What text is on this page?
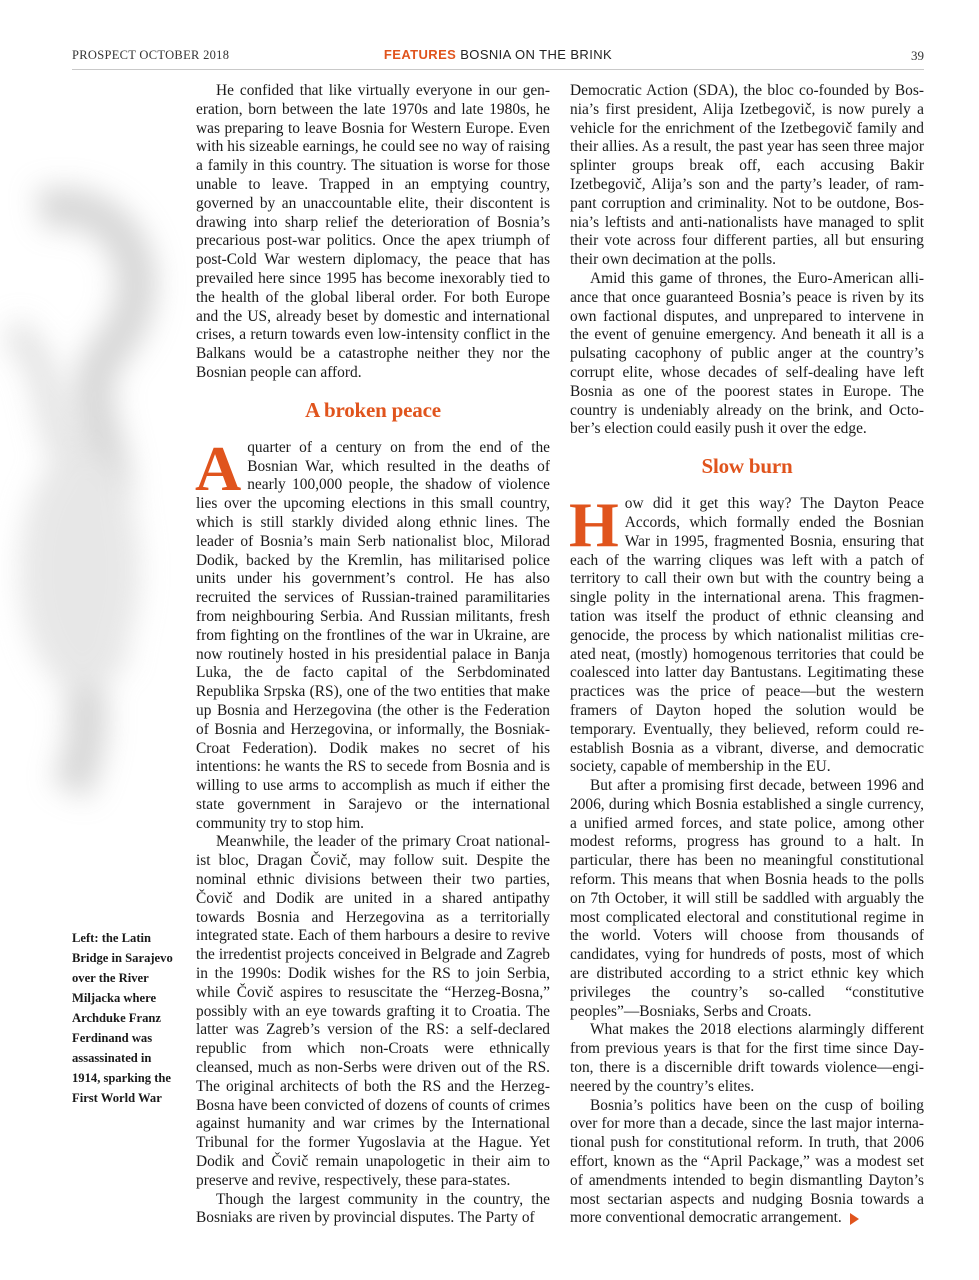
PROSPECT OCTOBER 2018	FEATURES BOSNIA ON THE BRINK	39
Left: the Latin Bridge in Sarajevo over the River Miljacka where Archduke Franz Ferdinand was assassinated in 1914, sparking the First World War

He confided that like virtually everyone in our generation, born between the late 1970s and late 1980s, he was preparing to leave Bosnia for Western Europe. Even with his sizeable earnings, he could see no way of raising a family in this country. The situation is worse for those unable to leave. Trapped in an emptying country, governed by an unaccountable elite, their discontent is drawing into sharp relief the deterioration of Bosnia’s precarious post-war politics. Once the apex triumph of post-Cold War western diplomacy, the peace that has prevailed here since 1995 has become inexorably tied to the health of the global liberal order. For both Europe and the US, already beset by domestic and international crises, a return towards even low-intensity conflict in the Balkans would be a catastrophe neither they nor the Bosnian people can afford.

A broken peace

A quarter of a century on from the end of the Bosnian War, which resulted in the deaths of nearly 100,000 people, the shadow of violence lies over the upcoming elections in this small country, which is still starkly divided along ethnic lines. The leader of Bosnia’s main Serb nationalist bloc, Milorad Dodik, backed by the Kremlin, has militarised police units under his government’s control. He has also recruited the services of Russian-trained paramilitaries from neighbouring Serbia. And Russian militants, fresh from fighting on the frontlines of the war in Ukraine, are now routinely hosted in his presidential palace in Banja Luka, the de facto capital of the Serbdominated Republika Srpska (RS), one of the two entities that make up Bosnia and Herzegovina (the other is the Federation of Bosnia and Herzegovina, or informally, the Bosniak-Croat Federation). Dodik makes no secret of his intentions: he wants the RS to secede from Bosnia and is willing to use arms to accomplish as much if either the state government in Sarajevo or the international community try to stop him.

Meanwhile, the leader of the primary Croat nationalist bloc, Dragan Čovič, may follow suit. Despite the nominal ethnic divisions between their two parties, Čovič and Dodik are united in a shared antipathy towards Bosnia and Herzegovina as a territorially integrated state. Each of them harbours a desire to revive the irredentist projects conceived in Belgrade and Zagreb in the 1990s: Dodik wishes for the RS to join Serbia, while Čovič aspires to resuscitate the “Herzeg-Bosna,” possibly with an eye towards grafting it to Croatia. The latter was Zagreb’s version of the RS: a self-declared republic from which non-Croats were ethnically cleansed, much as non-Serbs were driven out of the RS. The original architects of both the RS and the Herzeg-Bosna have been convicted of dozens of counts of crimes against humanity and war crimes by the International Tribunal for the former Yugoslavia at the Hague. Yet Dodik and Čovič remain unapologetic in their aim to preserve and revive, respectively, these para-states.

Though the largest community in the country, the Bosniaks are riven by provincial disputes. The Party of

Democratic Action (SDA), the bloc co-founded by Bosnia’s first president, Alija Izetbegovič, is now purely a vehicle for the enrichment of the Izetbegovič family and their allies. As a result, the past year has seen three major splinter groups break off, each accusing Bakir Izetbegovič, Alija’s son and the party’s leader, of rampant corruption and criminality. Not to be outdone, Bosnia’s leftists and anti-nationalists have managed to split their vote across four different parties, all but ensuring their own decimation at the polls.

Amid this game of thrones, the Euro-American alliance that once guaranteed Bosnia’s peace is riven by its own factional disputes, and unprepared to intervene in the event of genuine emergency. And beneath it all is a pulsating cacophony of public anger at the country’s corrupt elite, whose decades of self-dealing have left Bosnia as one of the poorest states in Europe. The country is undeniably already on the brink, and October’s election could easily push it over the edge.

Slow burn

How did it get this way? The Dayton Peace Accords, which formally ended the Bosnian War in 1995, fragmented Bosnia, ensuring that each of the warring cliques was left with a patch of territory to call their own but with the country being a single polity in the international arena. This fragmentation was itself the product of ethnic cleansing and genocide, the process by which nationalist militias created neat, (mostly) homogenous territories that could be coalesced into latter day Bantustans. Legitimating these practices was the price of peace—but the western framers of Dayton hoped the solution would be temporary. Eventually, they believed, reform could reestablish Bosnia as a vibrant, diverse, and democratic society, capable of membership in the EU.

But after a promising first decade, between 1996 and 2006, during which Bosnia established a single currency, a unified armed forces, and state police, among other modest reforms, progress has ground to a halt. In particular, there has been no meaningful constitutional reform. This means that when Bosnia heads to the polls on 7th October, it will still be saddled with arguably the most complicated electoral and constitutional regime in the world. Voters will choose from thousands of candidates, vying for hundreds of posts, most of which are distributed according to a strict ethnic key which privileges the country’s so-called “constitutive peoples”—Bosniaks, Serbs and Croats.

What makes the 2018 elections alarmingly different from previous years is that for the first time since Dayton, there is a discernible drift towards violence—engineered by the country’s elites.

Bosnia’s politics have been on the cusp of boiling over for more than a decade, since the last major international push for constitutional reform. In truth, that 2006 effort, known as the “April Package,” was a modest set of amendments intended to begin dismantling Dayton’s most sectarian aspects and nudging Bosnia towards a more conventional democratic arrangement.
